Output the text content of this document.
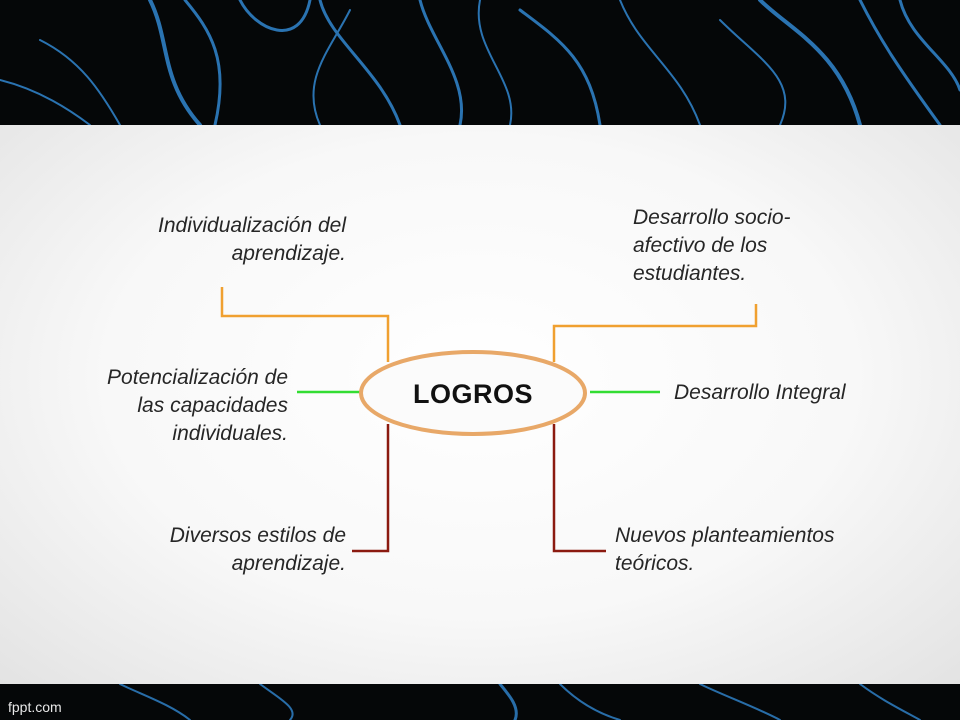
LOGROS
Individualización del
aprendizaje.
Potencialización de
las capacidades
individuales.
Diversos estilos de
aprendizaje.
Desarrollo socio-
afectivo de los
estudiantes.
Desarrollo Integral
Nuevos planteamientos
teóricos.
fppt.com
